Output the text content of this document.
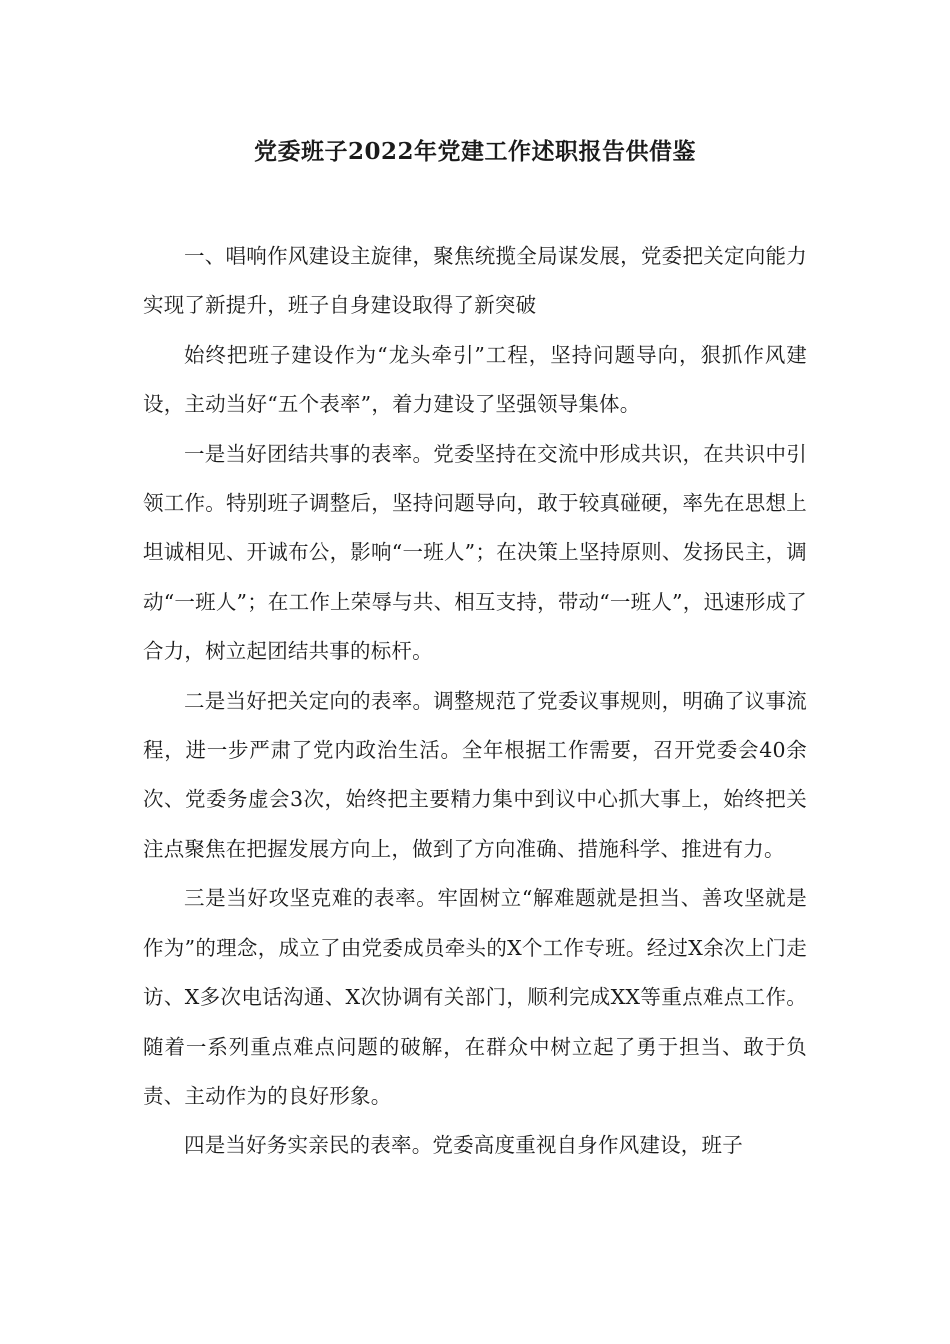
党委班子2022年党建工作述职报告供借鉴

一、唱响作风建设主旋律，聚焦统揽全局谋发展，党委把关定向能力实现了新提升，班子自身建设取得了新突破

始终把班子建设作为“龙头牵引”工程，坚持问题导向，狠抓作风建设，主动当好“五个表率”，着力建设了坚强领导集体。

一是当好团结共事的表率。党委坚持在交流中形成共识，在共识中引领工作。特别班子调整后，坚持问题导向，敢于较真碰硬，率先在思想上坦诚相见、开诚布公，影响“一班人”；在决策上坚持原则、发扬民主，调动“一班人”；在工作上荣辱与共、相互支持，带动“一班人”，迅速形成了合力，树立起团结共事的标杆。

二是当好把关定向的表率。调整规范了党委议事规则，明确了议事流程，进一步严肃了党内政治生活。全年根据工作需要，召开党委会40余次、党委务虚会3次，始终把主要精力集中到议中心抓大事上，始终把关注点聚焦在把握发展方向上，做到了方向准确、措施科学、推进有力。

三是当好攻坚克难的表率。牢固树立“解难题就是担当、善攻坚就是作为”的理念，成立了由党委成员牵头的X个工作专班。经过X余次上门走访、X多次电话沟通、X次协调有关部门，顺利完成XX等重点难点工作。随着一系列重点难点问题的破解，在群众中树立起了勇于担当、敢于负责、主动作为的良好形象。

四是当好务实亲民的表率。党委高度重视自身作风建设，班子
